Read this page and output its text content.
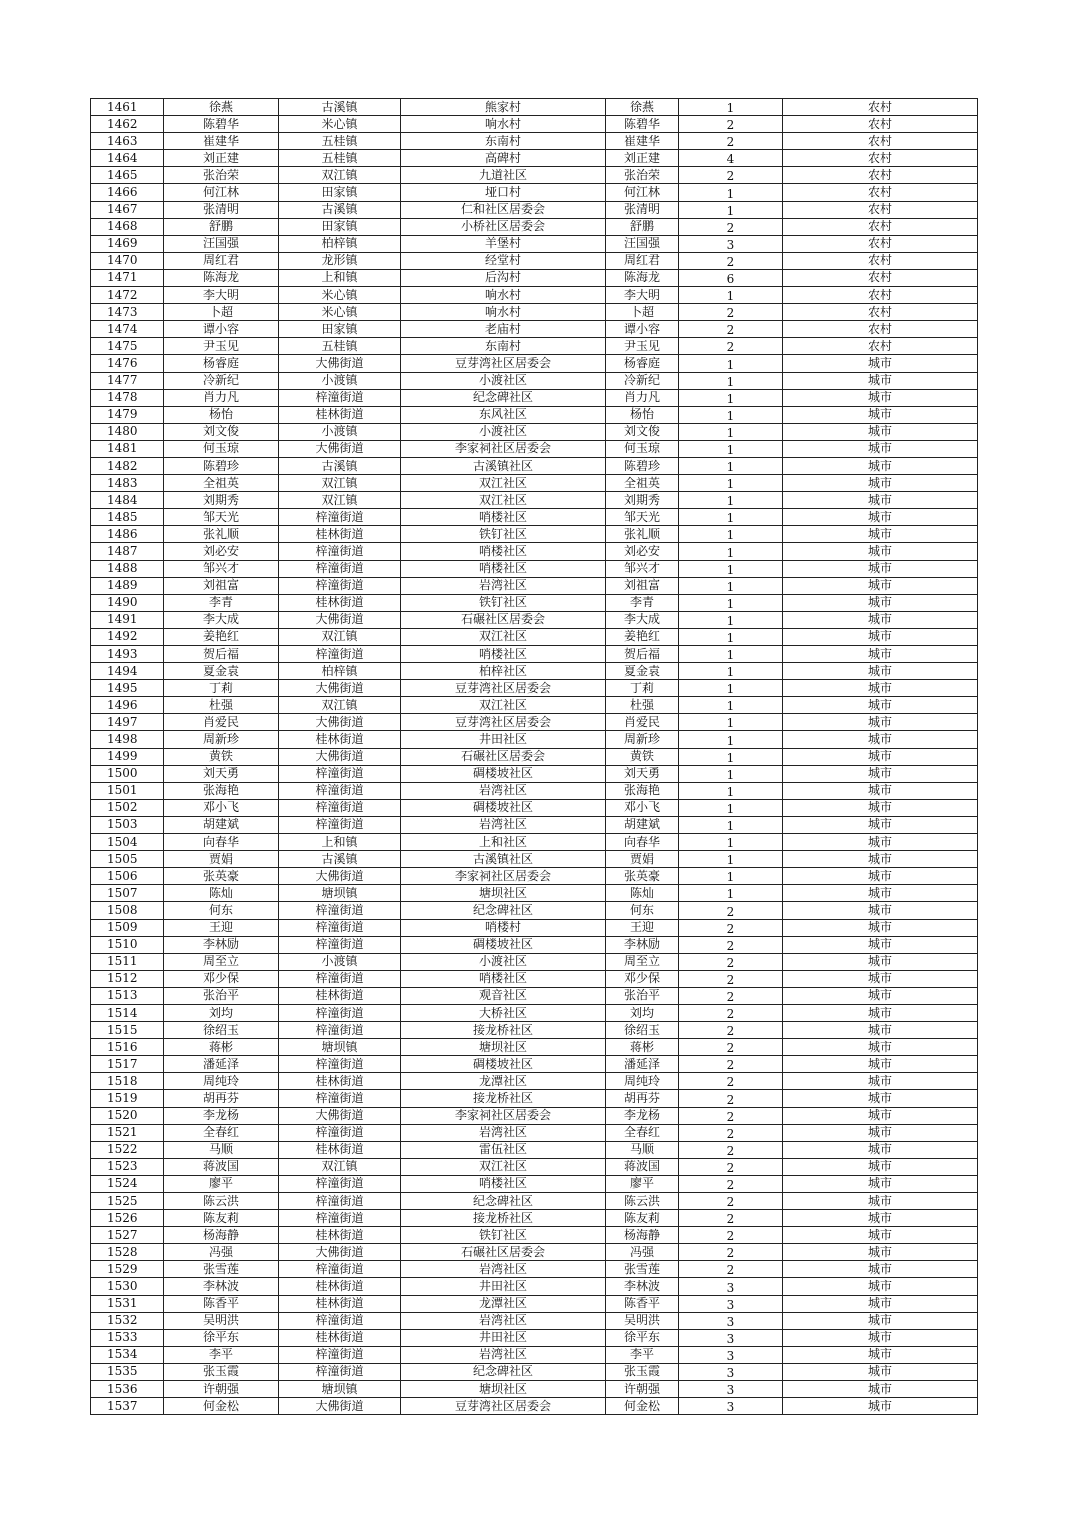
1461	徐燕	古溪镇	熊家村	徐燕	1	农村
1462	陈碧华	米心镇	响水村	陈碧华	2	农村
1463	崔建华	五桂镇	东南村	崔建华	2	农村
1464	刘正建	五桂镇	高碑村	刘正建	4	农村
1465	张治荣	双江镇	九道社区	张治荣	2	农村
1466	何江林	田家镇	垭口村	何江林	1	农村
1467	张清明	古溪镇	仁和社区居委会	张清明	1	农村
1468	舒鹏	田家镇	小桥社区居委会	舒鹏	2	农村
1469	汪国强	柏梓镇	羊堡村	汪国强	3	农村
1470	周红君	龙形镇	经堂村	周红君	2	农村
1471	陈海龙	上和镇	后沟村	陈海龙	6	农村
1472	李大明	米心镇	响水村	李大明	1	农村
1473	卜超	米心镇	响水村	卜超	2	农村
1474	谭小容	田家镇	老庙村	谭小容	2	农村
1475	尹玉见	五桂镇	东南村	尹玉见	2	农村
1476	杨睿庭	大佛街道	豆芽湾社区居委会	杨睿庭	1	城市
1477	冷新纪	小渡镇	小渡社区	冷新纪	1	城市
1478	肖力凡	梓潼街道	纪念碑社区	肖力凡	1	城市
1479	杨怡	桂林街道	东风社区	杨怡	1	城市
1480	刘文俊	小渡镇	小渡社区	刘文俊	1	城市
1481	何玉琼	大佛街道	李家祠社区居委会	何玉琼	1	城市
1482	陈碧珍	古溪镇	古溪镇社区	陈碧珍	1	城市
1483	全祖英	双江镇	双江社区	全祖英	1	城市
1484	刘期秀	双江镇	双江社区	刘期秀	1	城市
1485	邹天光	梓潼街道	哨楼社区	邹天光	1	城市
1486	张礼顺	桂林街道	铁钉社区	张礼顺	1	城市
1487	刘必安	梓潼街道	哨楼社区	刘必安	1	城市
1488	邹兴才	梓潼街道	哨楼社区	邹兴才	1	城市
1489	刘祖富	梓潼街道	岩湾社区	刘祖富	1	城市
1490	李青	桂林街道	铁钉社区	李青	1	城市
1491	李大成	大佛街道	石碾社区居委会	李大成	1	城市
1492	姜艳红	双江镇	双江社区	姜艳红	1	城市
1493	贺后福	梓潼街道	哨楼社区	贺后福	1	城市
1494	夏金袁	柏梓镇	柏梓社区	夏金袁	1	城市
1495	丁莉	大佛街道	豆芽湾社区居委会	丁莉	1	城市
1496	杜强	双江镇	双江社区	杜强	1	城市
1497	肖爱民	大佛街道	豆芽湾社区居委会	肖爱民	1	城市
1498	周新珍	桂林街道	井田社区	周新珍	1	城市
1499	黄铁	大佛街道	石碾社区居委会	黄铁	1	城市
1500	刘天勇	梓潼街道	碉楼坡社区	刘天勇	1	城市
1501	张海艳	梓潼街道	岩湾社区	张海艳	1	城市
1502	邓小飞	梓潼街道	碉楼坡社区	邓小飞	1	城市
1503	胡建斌	梓潼街道	岩湾社区	胡建斌	1	城市
1504	向春华	上和镇	上和社区	向春华	1	城市
1505	贾娟	古溪镇	古溪镇社区	贾娟	1	城市
1506	张英豪	大佛街道	李家祠社区居委会	张英豪	1	城市
1507	陈灿	塘坝镇	塘坝社区	陈灿	1	城市
1508	何东	梓潼街道	纪念碑社区	何东	2	城市
1509	王迎	梓潼街道	哨楼村	王迎	2	城市
1510	李林励	梓潼街道	碉楼坡社区	李林励	2	城市
1511	周至立	小渡镇	小渡社区	周至立	2	城市
1512	邓少保	梓潼街道	哨楼社区	邓少保	2	城市
1513	张治平	桂林街道	观音社区	张治平	2	城市
1514	刘均	梓潼街道	大桥社区	刘均	2	城市
1515	徐绍玉	梓潼街道	接龙桥社区	徐绍玉	2	城市
1516	蒋彬	塘坝镇	塘坝社区	蒋彬	2	城市
1517	潘延泽	梓潼街道	碉楼坡社区	潘延泽	2	城市
1518	周纯玲	桂林街道	龙潭社区	周纯玲	2	城市
1519	胡再芬	梓潼街道	接龙桥社区	胡再芬	2	城市
1520	李龙杨	大佛街道	李家祠社区居委会	李龙杨	2	城市
1521	全春红	梓潼街道	岩湾社区	全春红	2	城市
1522	马顺	桂林街道	雷伍社区	马顺	2	城市
1523	蒋波国	双江镇	双江社区	蒋波国	2	城市
1524	廖平	梓潼街道	哨楼社区	廖平	2	城市
1525	陈云洪	梓潼街道	纪念碑社区	陈云洪	2	城市
1526	陈友莉	梓潼街道	接龙桥社区	陈友莉	2	城市
1527	杨海静	桂林街道	铁钉社区	杨海静	2	城市
1528	冯强	大佛街道	石碾社区居委会	冯强	2	城市
1529	张雪莲	梓潼街道	岩湾社区	张雪莲	2	城市
1530	李林波	桂林街道	井田社区	李林波	3	城市
1531	陈香平	桂林街道	龙潭社区	陈香平	3	城市
1532	吴明洪	梓潼街道	岩湾社区	吴明洪	3	城市
1533	徐平东	桂林街道	井田社区	徐平东	3	城市
1534	李平	梓潼街道	岩湾社区	李平	3	城市
1535	张玉霞	梓潼街道	纪念碑社区	张玉霞	3	城市
1536	许朝强	塘坝镇	塘坝社区	许朝强	3	城市
1537	何金松	大佛街道	豆芽湾社区居委会	何金松	3	城市
